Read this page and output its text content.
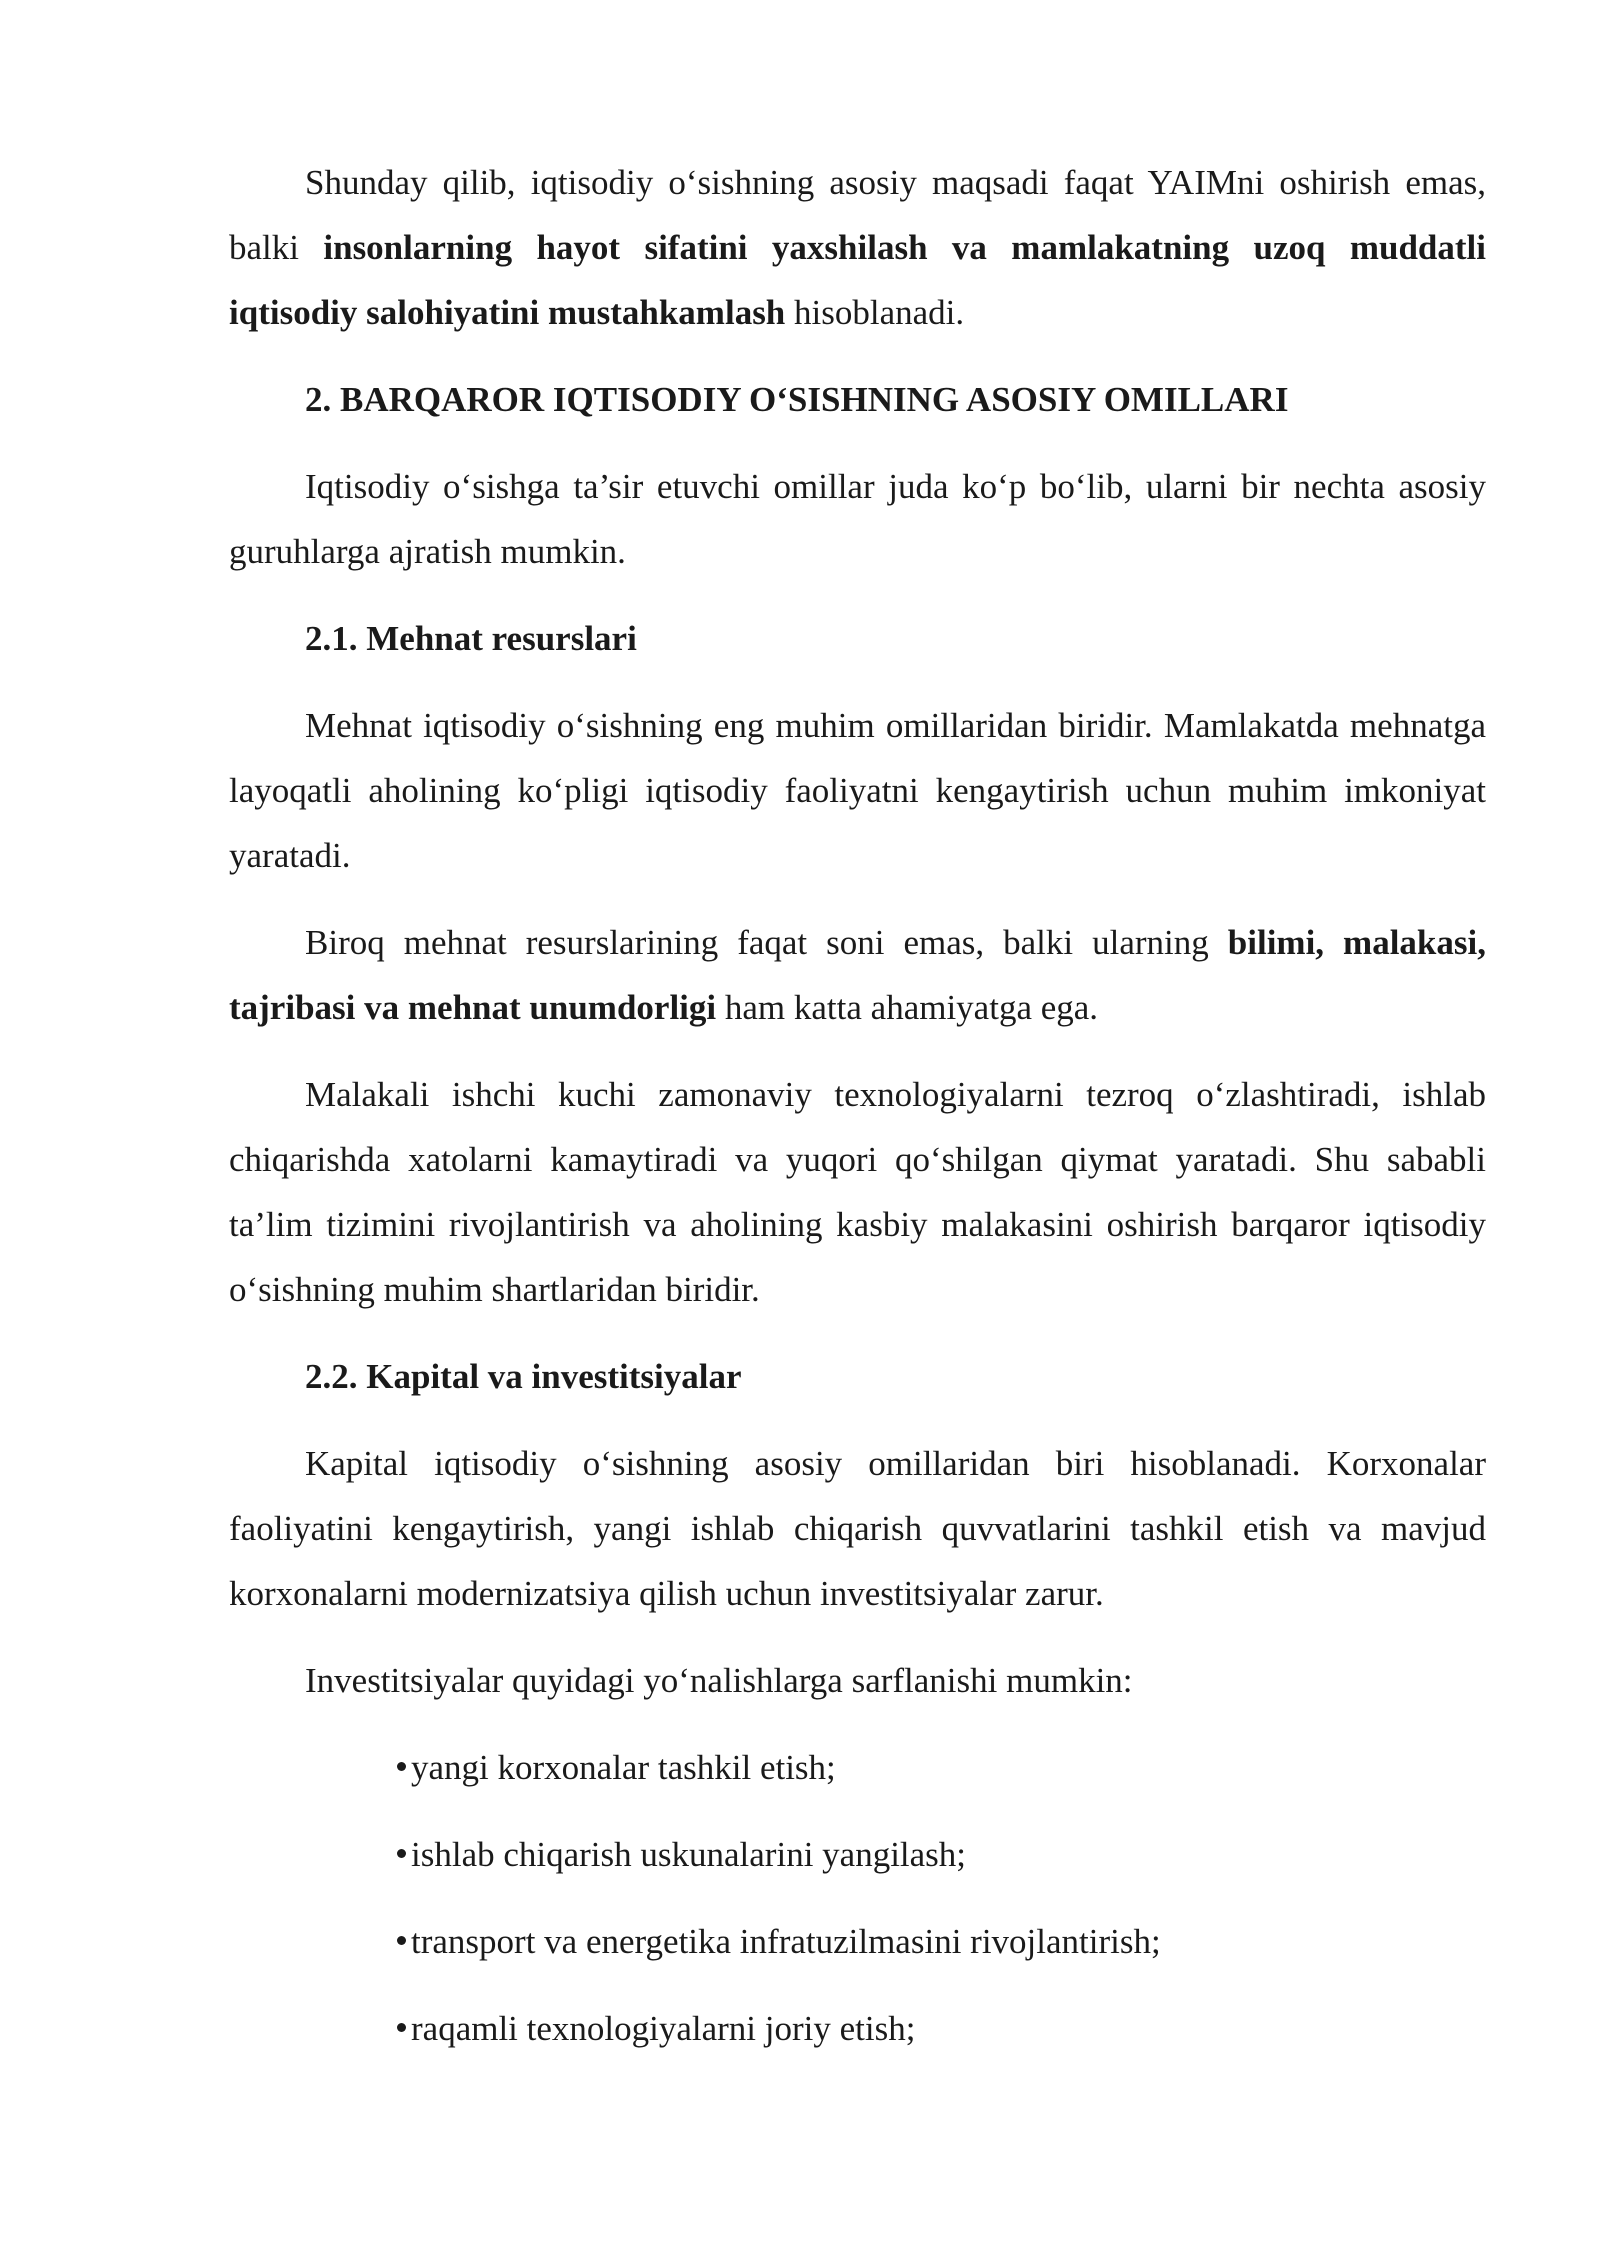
Shunday qilib, iqtisodiy o‘sishning asosiy maqsadi faqat YAIMni oshirish emas, balki insonlarning hayot sifatini yaxshilash va mamlakatning uzoq muddatli iqtisodiy salohiyatini mustahkamlash hisoblanadi.

2. BARQAROR IQTISODIY O‘SISHNING ASOSIY OMILLARI

Iqtisodiy o‘sishga ta’sir etuvchi omillar juda ko‘p bo‘lib, ularni bir nechta asosiy guruhlarga ajratish mumkin.

2.1. Mehnat resurslari

Mehnat iqtisodiy o‘sishning eng muhim omillaridan biridir. Mamlakatda mehnatga layoqatli aholining ko‘pligi iqtisodiy faoliyatni kengaytirish uchun muhim imkoniyat yaratadi.

Biroq mehnat resurslarining faqat soni emas, balki ularning bilimi, malakasi, tajribasi va mehnat unumdorligi ham katta ahamiyatga ega.

Malakali ishchi kuchi zamonaviy texnologiyalarni tezroq o‘zlashtiradi, ishlab chiqarishda xatolarni kamaytiradi va yuqori qo‘shilgan qiymat yaratadi. Shu sababli ta’lim tizimini rivojlantirish va aholining kasbiy malakasini oshirish barqaror iqtisodiy o‘sishning muhim shartlaridan biridir.

2.2. Kapital va investitsiyalar

Kapital iqtisodiy o‘sishning asosiy omillaridan biri hisoblanadi. Korxonalar faoliyatini kengaytirish, yangi ishlab chiqarish quvvatlarini tashkil etish va mavjud korxonalarni modernizatsiya qilish uchun investitsiyalar zarur.

Investitsiyalar quyidagi yo‘nalishlarga sarflanishi mumkin:

yangi korxonalar tashkil etish;
ishlab chiqarish uskunalarini yangilash;
transport va energetika infratuzilmasini rivojlantirish;
raqamli texnologiyalarni joriy etish;
